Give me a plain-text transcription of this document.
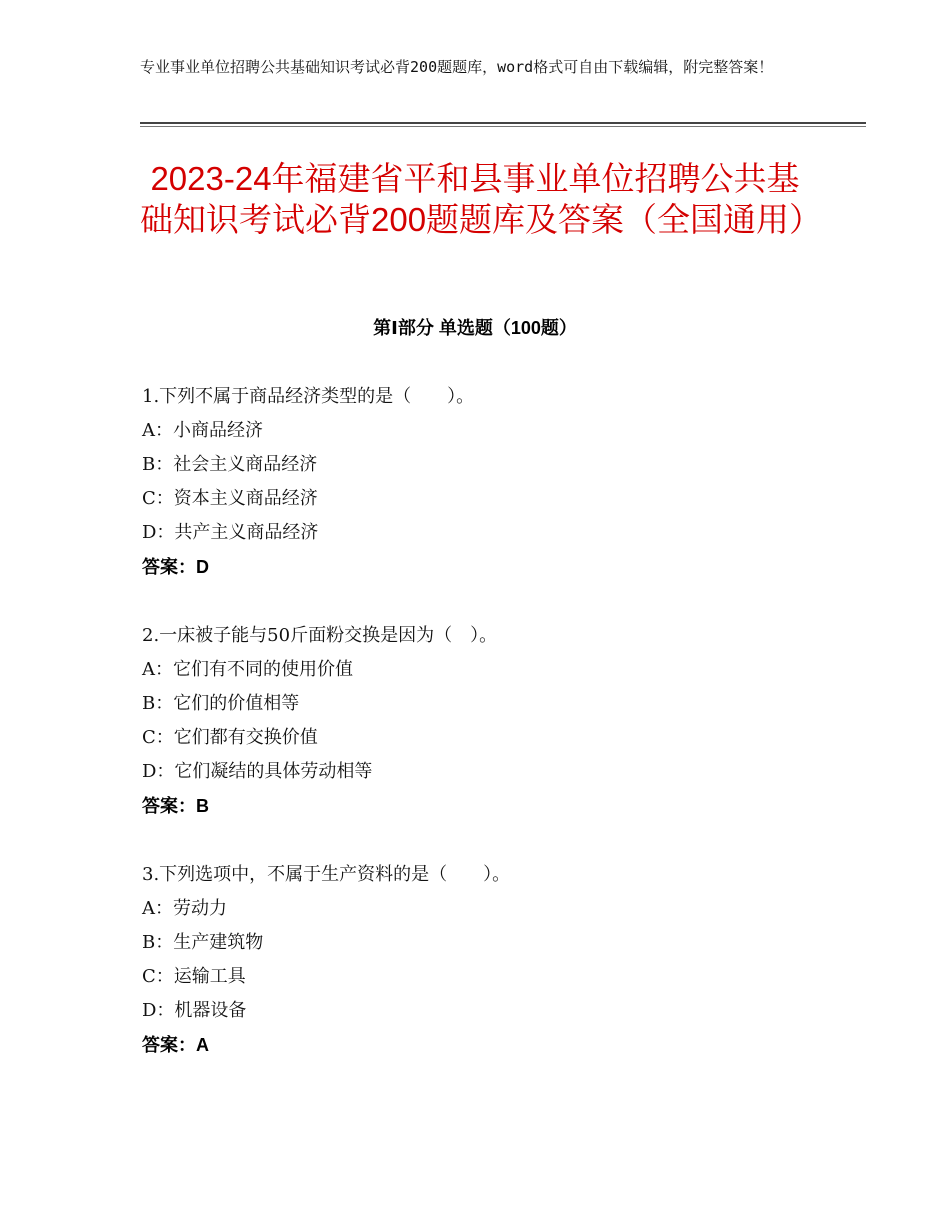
专业事业单位招聘公共基础知识考试必背200题题库，word格式可自由下载编辑，附完整答案！
2023-24年福建省平和县事业单位招聘公共基础知识考试必背200题题库及答案（全国通用）
第Ⅰ部分 单选题（100题）
1.下列不属于商品经济类型的是（　　）。
A：小商品经济
B：社会主义商品经济
C：资本主义商品经济
D：共产主义商品经济
答案：D
2.一床被子能与50斤面粉交换是因为（　）。
A：它们有不同的使用价值
B：它们的价值相等
C：它们都有交换价值
D：它们凝结的具体劳动相等
答案：B
3.下列选项中，不属于生产资料的是（　　）。
A：劳动力
B：生产建筑物
C：运输工具
D：机器设备
答案：A
